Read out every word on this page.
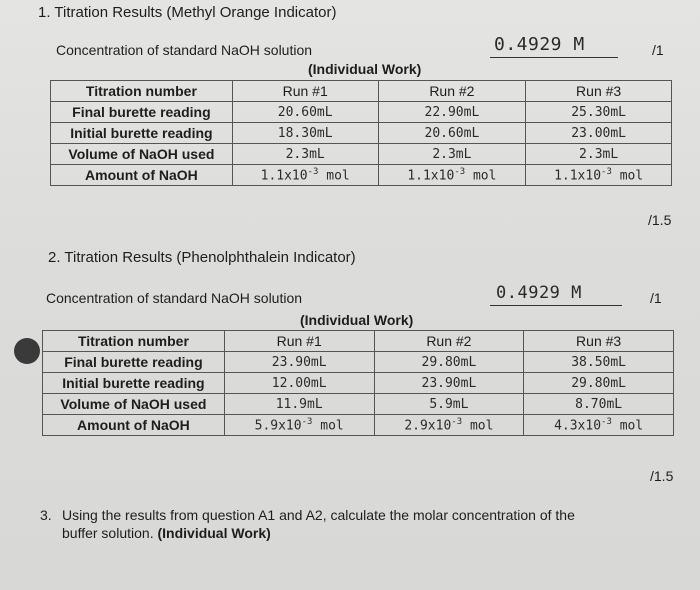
1. Titration Results (Methyl Orange Indicator)
Concentration of standard NaOH solution	0.4929 M	/1
(Individual Work)
Titration number	Run #1	Run #2	Run #3
Final burette reading	20.60mL	22.90mL	25.30mL
Initial burette reading	18.30mL	20.60mL	23.00mL
Volume of NaOH used	2.3mL	2.3mL	2.3mL
Amount of NaOH	$1.1x10^{-3}$ mol	$1.1x10^{-3}$ mol	$1.1x10^{-3}$ mol
/1.5
2. Titration Results (Phenolphthalein Indicator)
Concentration of standard NaOH solution	0.4929 M	/1
(Individual Work)
Titration number	Run #1	Run #2	Run #3
Final burette reading	23.90mL	29.80mL	38.50mL
Initial burette reading	12.00mL	23.90mL	29.80mL
Volume of NaOH used	11.9mL	5.9mL	8.70mL
Amount of NaOH	$5.9x10^{-3}$ mol	$2.9x10^{-3}$ mol	$4.3x10^{-3}$ mol
/1.5
3. Using the results from question A1 and A2, calculate the molar concentration of the
buffer solution. (Individual Work)
